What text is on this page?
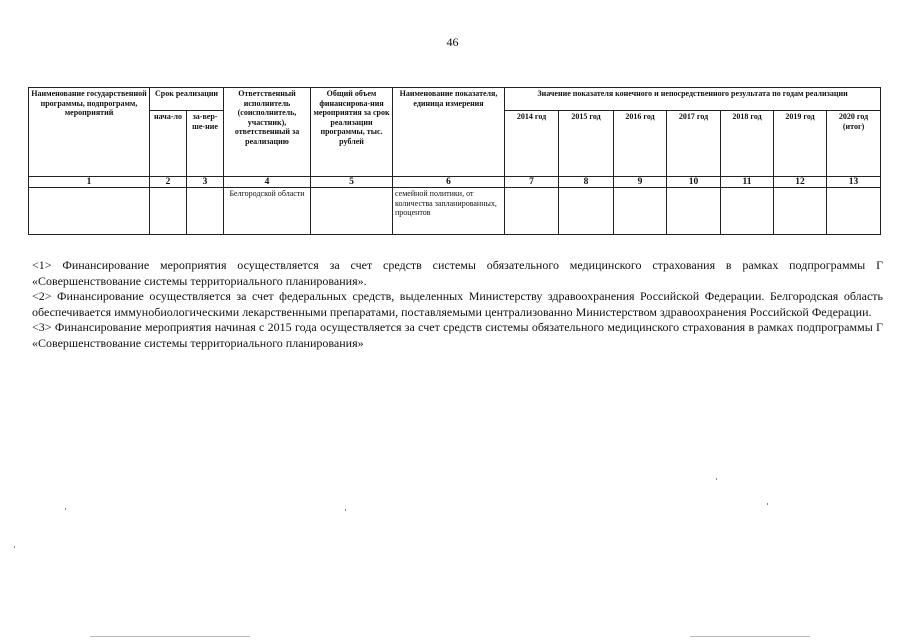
46
Наименование государственной программы, подпрограмм, мероприятий	Срок реализации		Ответственный исполнитель (соисполнитель, участник), ответственный за реализацию	Общий объем финансирова-ния мероприятия за срок реализации программы, тыс. рублей	Наименование показателя, единица измерения	Значение показателя конечного и непосредственного результата по годам реализации						
	нача-ло	за-вер-ше-ние				2014 год	2015 год	2016 год	2017 год	2018 год	2019 год	2020 год (итог)
1	2	3	4	5	6	7	8	9	10	11	12	13
			Белгородской области		семейной политики, от количества запланированных, процентов							

<1> Финансирование мероприятия осуществляется за счет средств системы обязательного медицинского страхования в рамках подпрограммы Г «Совершенствование системы территориального планирования».

<2> Финансирование осуществляется за счет федеральных средств, выделенных Министерству здравоохранения Российской Федерации. Белгородская область обеспечивается иммунобиологическими лекарственными препаратами, поставляемыми централизованно Министерством здравоохранения Российской Федерации.

<3> Финансирование мероприятия начиная с 2015 года осуществляется за счет средств системы обязательного медицинского страхования в рамках подпрограммы Г «Совершенствование системы территориального планирования»
